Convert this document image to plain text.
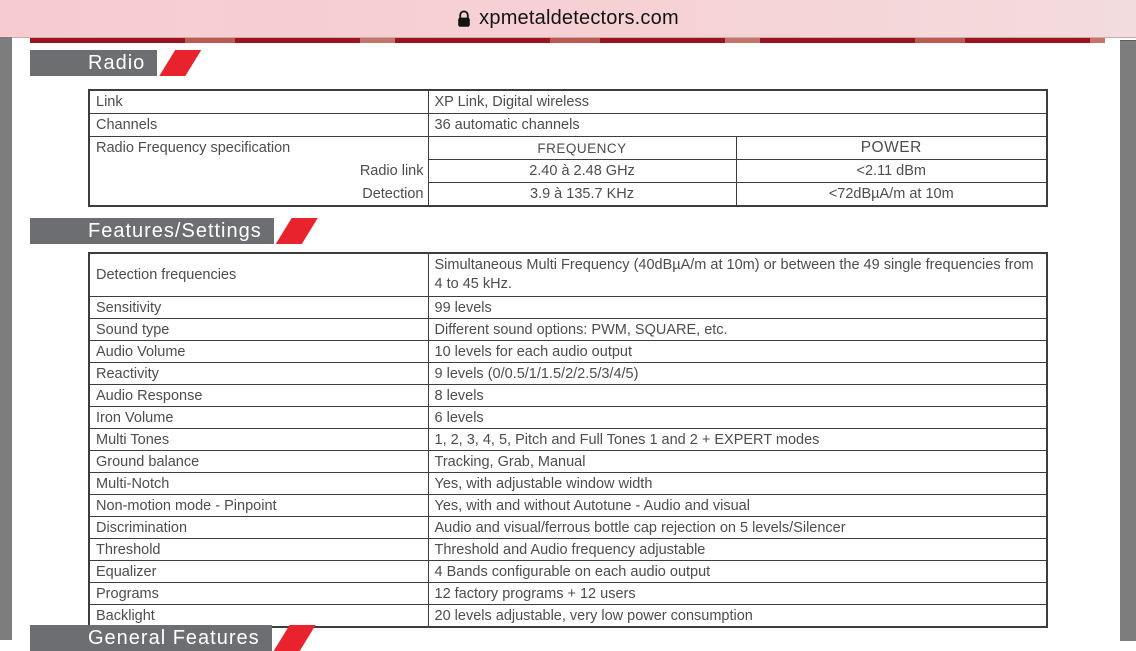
xpmetaldetectors.com
Radio
Link	XP Link, Digital wireless	
Channels	36 automatic channels	
Radio Frequency specification	FREQUENCY	POWER
Radio link	2.40 à 2.48 GHz	<2.11 dBm
Detection	3.9 à 135.7 KHz	<72dBµA/m at 10m
Features/Settings
Detection frequencies	Simultaneous Multi Frequency (40dBµA/m at 10m) or between the 49 single frequencies from 4 to 45 kHz.
Sensitivity	99 levels
Sound type	Different sound options: PWM, SQUARE, etc.
Audio Volume	10 levels for each audio output
Reactivity	9 levels (0/0.5/1/1.5/2/2.5/3/4/5)
Audio Response	8 levels
Iron Volume	6 levels
Multi Tones	1, 2, 3, 4, 5, Pitch and Full Tones 1 and 2 + EXPERT modes
Ground balance	Tracking, Grab, Manual
Multi-Notch	Yes, with adjustable window width
Non-motion mode - Pinpoint	Yes, with and without Autotune - Audio and visual
Discrimination	Audio and visual/ferrous bottle cap rejection on 5 levels/Silencer
Threshold	Threshold and Audio frequency adjustable
Equalizer	4 Bands configurable on each audio output
Programs	12 factory programs + 12 users
Backlight	20 levels adjustable, very low power consumption
General Features
